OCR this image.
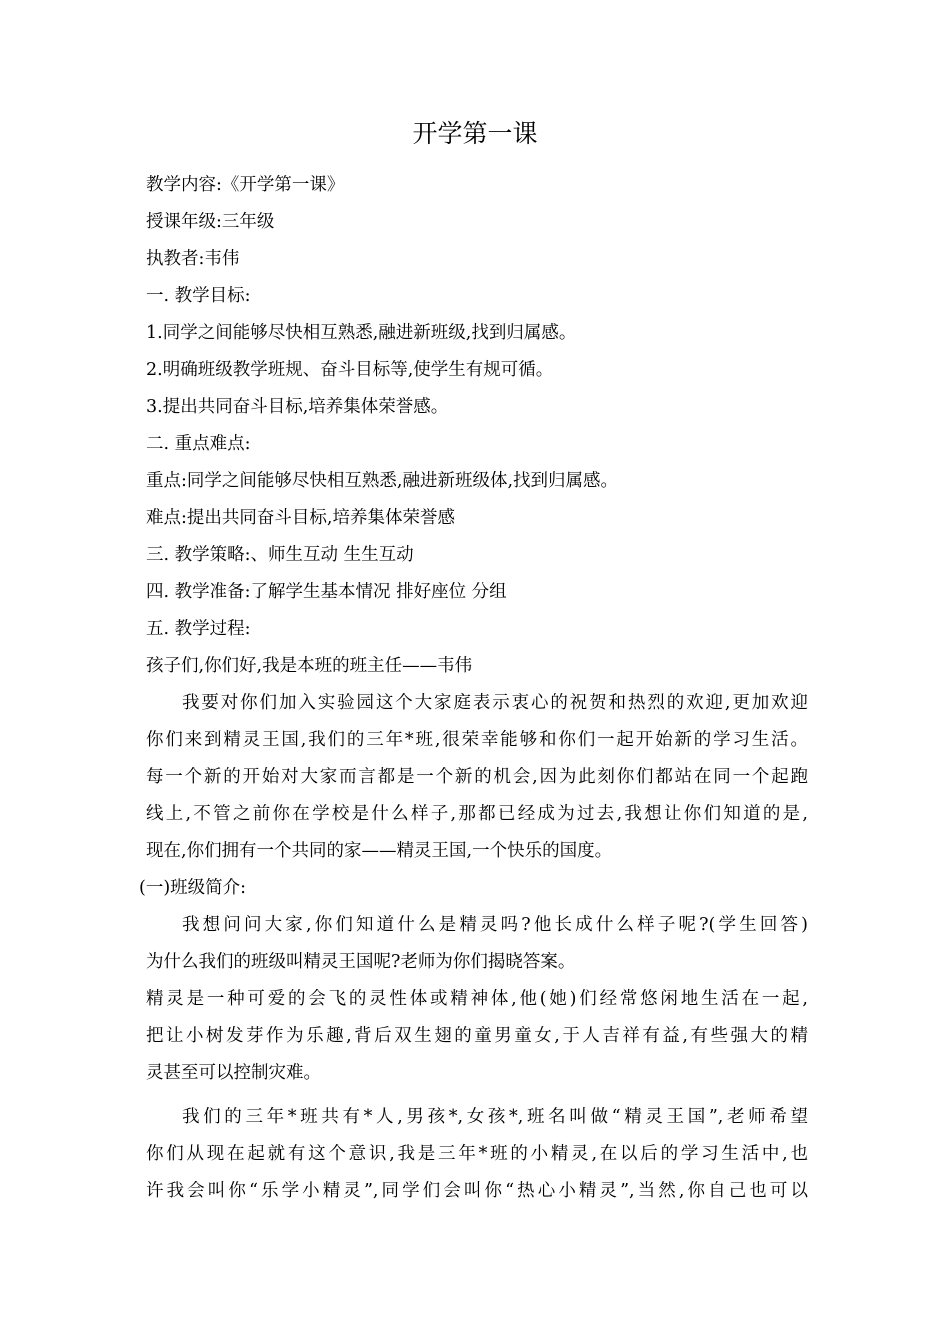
开学第一课
教学内容:《开学第一课》
授课年级:三年级
执教者:韦伟
一. 教学目标:
1.同学之间能够尽快相互熟悉,融进新班级,找到归属感。
2.明确班级教学班规、奋斗目标等,使学生有规可循。
3.提出共同奋斗目标,培养集体荣誉感。
二. 重点难点:
重点:同学之间能够尽快相互熟悉,融进新班级体,找到归属感。
难点:提出共同奋斗目标,培养集体荣誉感
三. 教学策略:、师生互动 生生互动
四. 教学准备:了解学生基本情况 排好座位 分组
五. 教学过程:
孩子们,你们好,我是本班的班主任——韦伟
我要对你们加入实验园这个大家庭表示衷心的祝贺和热烈的欢迎,更加欢迎
你们来到精灵王国,我们的三年*班,很荣幸能够和你们一起开始新的学习生活。
每一个新的开始对大家而言都是一个新的机会,因为此刻你们都站在同一个起跑
线上,不管之前你在学校是什么样子,那都已经成为过去,我想让你们知道的是,
现在,你们拥有一个共同的家——精灵王国,一个快乐的国度。
(一)班级简介:
我想问问大家,你们知道什么是精灵吗?他长成什么样子呢?(学生回答)
为什么我们的班级叫精灵王国呢?老师为你们揭晓答案。
精灵是一种可爱的会飞的灵性体或精神体,他(她)们经常悠闲地生活在一起,
把让小树发芽作为乐趣,背后双生翅的童男童女,于人吉祥有益,有些强大的精
灵甚至可以控制灾难。
我们的三年*班共有*人,男孩*,女孩*,班名叫做“精灵王国”,老师希望
你们从现在起就有这个意识,我是三年*班的小精灵,在以后的学习生活中,也
许我会叫你“乐学小精灵”,同学们会叫你“热心小精灵”,当然,你自己也可以
